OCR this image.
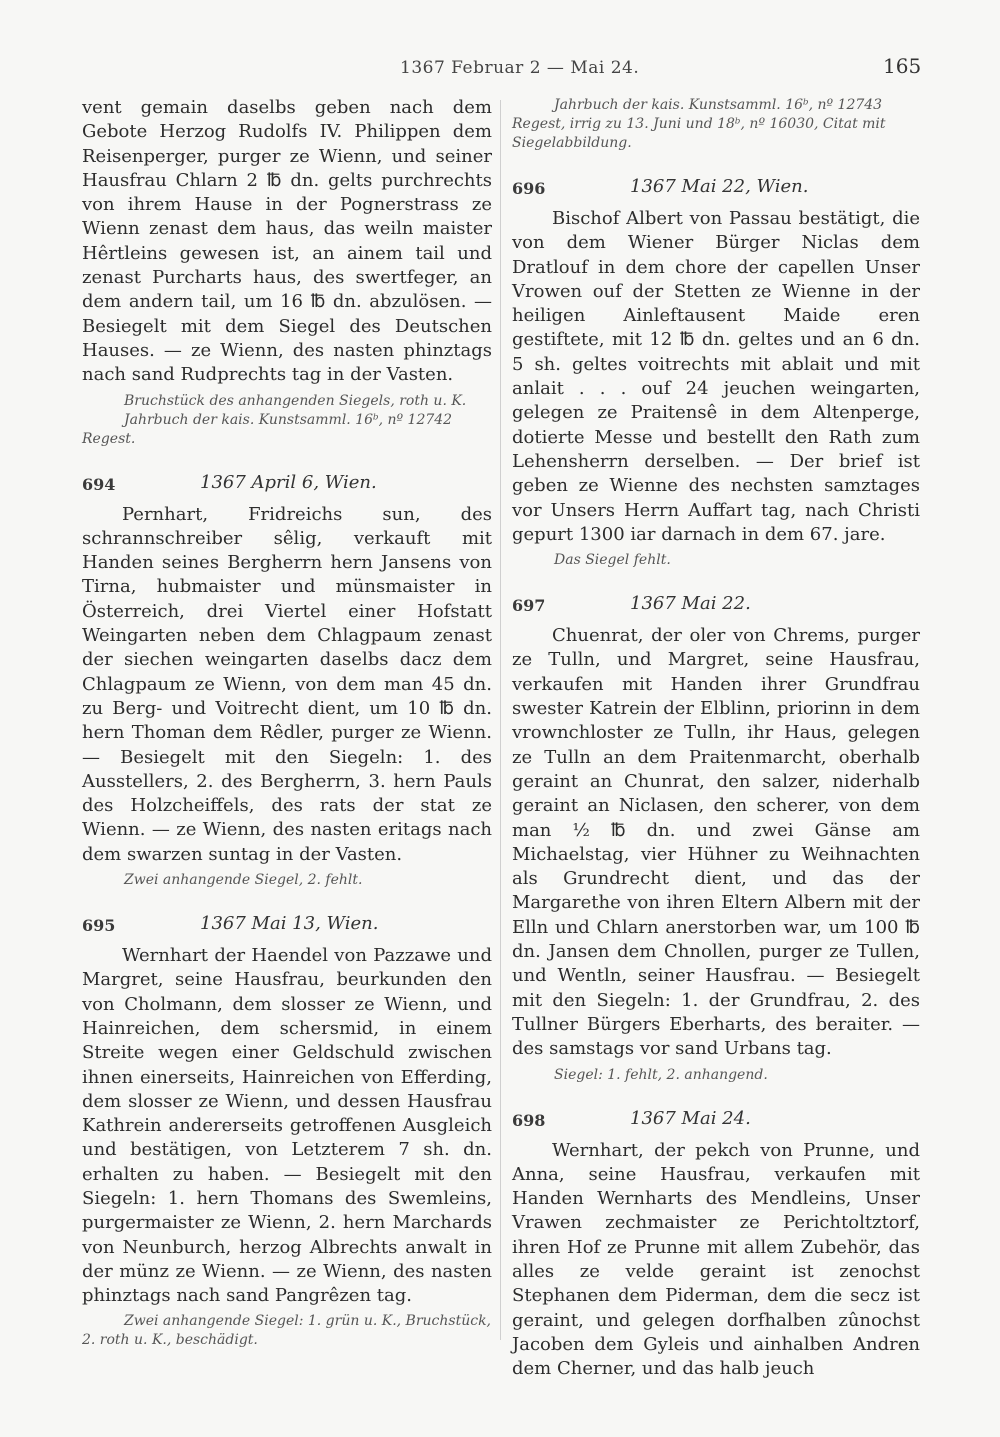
1367 Februar 2 — Mai 24.	165

vent gemain daselbs geben nach dem Gebote Herzog Rudolfs IV. Philippen dem Reisenperger, purger ze Wienn, und seiner Hausfrau Chlarn 2 ℔ dn. gelts purchrechts von ihrem Hause in der Pognerstrass ze Wienn zenast dem haus, das weiln maister Hêrtleins gewesen ist, an ainem tail und zenast Purcharts haus, des swertfeger, an dem andern tail, um 16 ℔ dn. abzulösen. — Besiegelt mit dem Siegel des Deutschen Hauses. — ze Wienn, des nasten phinztags nach sand Rudprechts tag in der Vasten.

Bruchstück des anhangenden Siegels, roth u. K.
Jahrbuch der kais. Kunstsamml. 16ᵇ, nº 12742

Regest.

694	1367 April 6, Wien.

Pernhart, Fridreichs sun, des schrannschreiber sêlig, verkauft mit Handen seines Bergherrn hern Jansens von Tirna, hubmaister und münsmaister in Österreich, drei Viertel einer Hofstatt Weingarten neben dem Chlagpaum zenast der siechen weingarten daselbs dacz dem Chlagpaum ze Wienn, von dem man 45 dn. zu Berg- und Voitrecht dient, um 10 ℔ dn. hern Thoman dem Rêdler, purger ze Wienn. — Besiegelt mit den Siegeln: 1. des Ausstellers, 2. des Bergherrn, 3. hern Pauls des Holzcheiffels, des rats der stat ze Wienn. — ze Wienn, des nasten eritags nach dem swarzen suntag in der Vasten.

Zwei anhangende Siegel, 2. fehlt.

695	1367 Mai 13, Wien.

Wernhart der Haendel von Pazzawe und Margret, seine Hausfrau, beurkunden den von Cholmann, dem slosser ze Wienn, und Hainreichen, dem schersmid, in einem Streite wegen einer Geldschuld zwischen ihnen einerseits, Hainreichen von Efferding, dem slosser ze Wienn, und dessen Hausfrau Kathrein andererseits getroffenen Ausgleich und bestätigen, von Letzterem 7 sh. dn. erhalten zu haben. — Besiegelt mit den Siegeln: 1. hern Thomans des Swemleins, purgermaister ze Wienn, 2. hern Marchards von Neunburch, herzog Albrechts anwalt in der münz ze Wienn. — ze Wienn, des nasten phinztags nach sand Pangrêzen tag.

Zwei anhangende Siegel: 1. grün u. K., Bruchstück,
2. roth u. K., beschädigt.

Jahrbuch der kais. Kunstsamml. 16ᵇ, nº 12743
Regest, irrig zu 13. Juni und 18ᵇ, nº 16030, Citat mit
Siegelabbildung.

696	1367 Mai 22, Wien.

Bischof Albert von Passau bestätigt, die von dem Wiener Bürger Niclas dem Dratlouf in dem chore der capellen Unser Vrowen ouf der Stetten ze Wienne in der heiligen Ainleftausent Maide eren gestiftete, mit 12 ℔ dn. geltes und an 6 dn. 5 sh. geltes voitrechts mit ablait und mit anlait . . . ouf 24 jeuchen weingarten, gelegen ze Praitensê in dem Altenperge, dotierte Messe und bestellt den Rath zum Lehensherrn derselben. — Der brief ist geben ze Wienne des nechsten samztages vor Unsers Herrn Auffart tag, nach Christi gepurt 1300 iar darnach in dem 67. jare.

Das Siegel fehlt.

697	1367 Mai 22.

Chuenrat, der oler von Chrems, purger ze Tulln, und Margret, seine Hausfrau, verkaufen mit Handen ihrer Grundfrau swester Katrein der Elblinn, priorinn in dem vrownchloster ze Tulln, ihr Haus, gelegen ze Tulln an dem Praitenmarcht, oberhalb geraint an Chunrat, den salzer, niderhalb geraint an Niclasen, den scherer, von dem man ½ ℔ dn. und zwei Gänse am Michaelstag, vier Hühner zu Weihnachten als Grundrecht dient, und das der Margarethe von ihren Eltern Albern mit der Elln und Chlarn anerstorben war, um 100 ℔ dn. Jansen dem Chnollen, purger ze Tullen, und Wentln, seiner Hausfrau. — Besiegelt mit den Siegeln: 1. der Grundfrau, 2. des Tullner Bürgers Eberharts, des beraiter. — des samstags vor sand Urbans tag.

Siegel: 1. fehlt, 2. anhangend.

698	1367 Mai 24.

Wernhart, der pekch von Prunne, und Anna, seine Hausfrau, verkaufen mit Handen Wernharts des Mendleins, Unser Vrawen zechmaister ze Perichtoltztorf, ihren Hof ze Prunne mit allem Zubehör, das alles ze velde geraint ist zenochst Stephanen dem Piderman, dem die secz ist geraint, und gelegen dorfhalben zûnochst Jacoben dem Gyleis und ainhalben Andren dem Cherner, und das halb jeuch
